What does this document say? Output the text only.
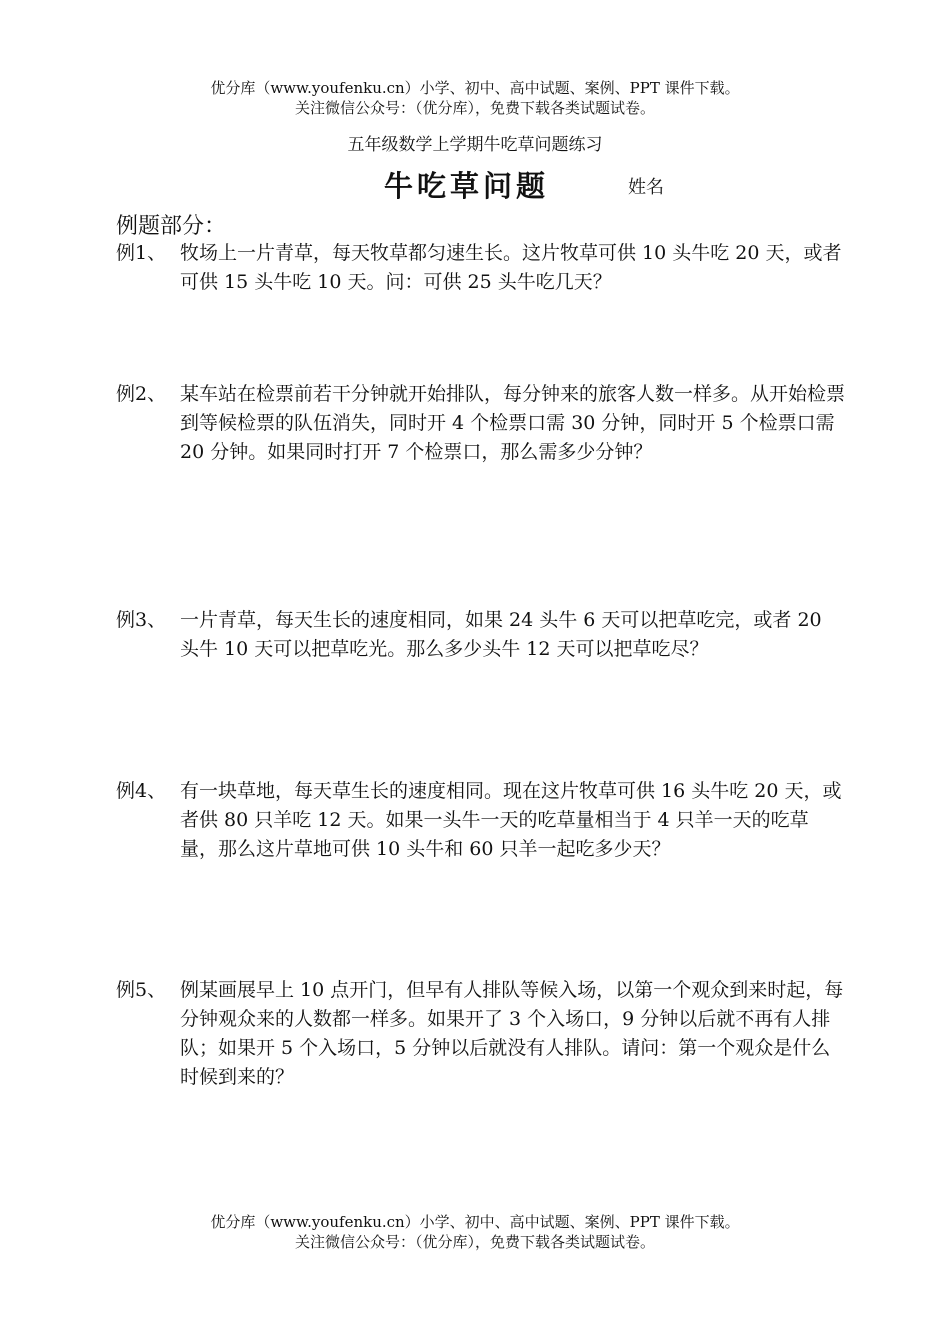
优分库（www.youfenku.cn）小学、初中、高中试题、案例、PPT 课件下载。
关注微信公众号：（优分库），免费下载各类试题试卷。
五年级数学上学期牛吃草问题练习
牛吃草问题	姓名
例题部分：
例1、 牧场上一片青草，每天牧草都匀速生长。这片牧草可供 10 头牛吃 20 天，或者可供 15 头牛吃 10 天。问：可供 25 头牛吃几天？
例2、 某车站在检票前若干分钟就开始排队，每分钟来的旅客人数一样多。从开始检票到等候检票的队伍消失，同时开 4 个检票口需 30 分钟，同时开 5 个检票口需 20 分钟。如果同时打开 7 个检票口，那么需多少分钟？
例3、 一片青草，每天生长的速度相同，如果 24 头牛 6 天可以把草吃完，或者 20 头牛 10 天可以把草吃光。那么多少头牛 12 天可以把草吃尽？
例4、 有一块草地，每天草生长的速度相同。现在这片牧草可供 16 头牛吃 20 天，或者供 80 只羊吃 12 天。如果一头牛一天的吃草量相当于 4 只羊一天的吃草量，那么这片草地可供 10 头牛和 60 只羊一起吃多少天？
例5、 例某画展早上 10 点开门，但早有人排队等候入场，以第一个观众到来时起，每分钟观众来的人数都一样多。如果开了 3 个入场口，9 分钟以后就不再有人排队；如果开 5 个入场口，5 分钟以后就没有人排队。请问：第一个观众是什么时候到来的？
优分库（www.youfenku.cn）小学、初中、高中试题、案例、PPT 课件下载。
关注微信公众号：（优分库），免费下载各类试题试卷。
